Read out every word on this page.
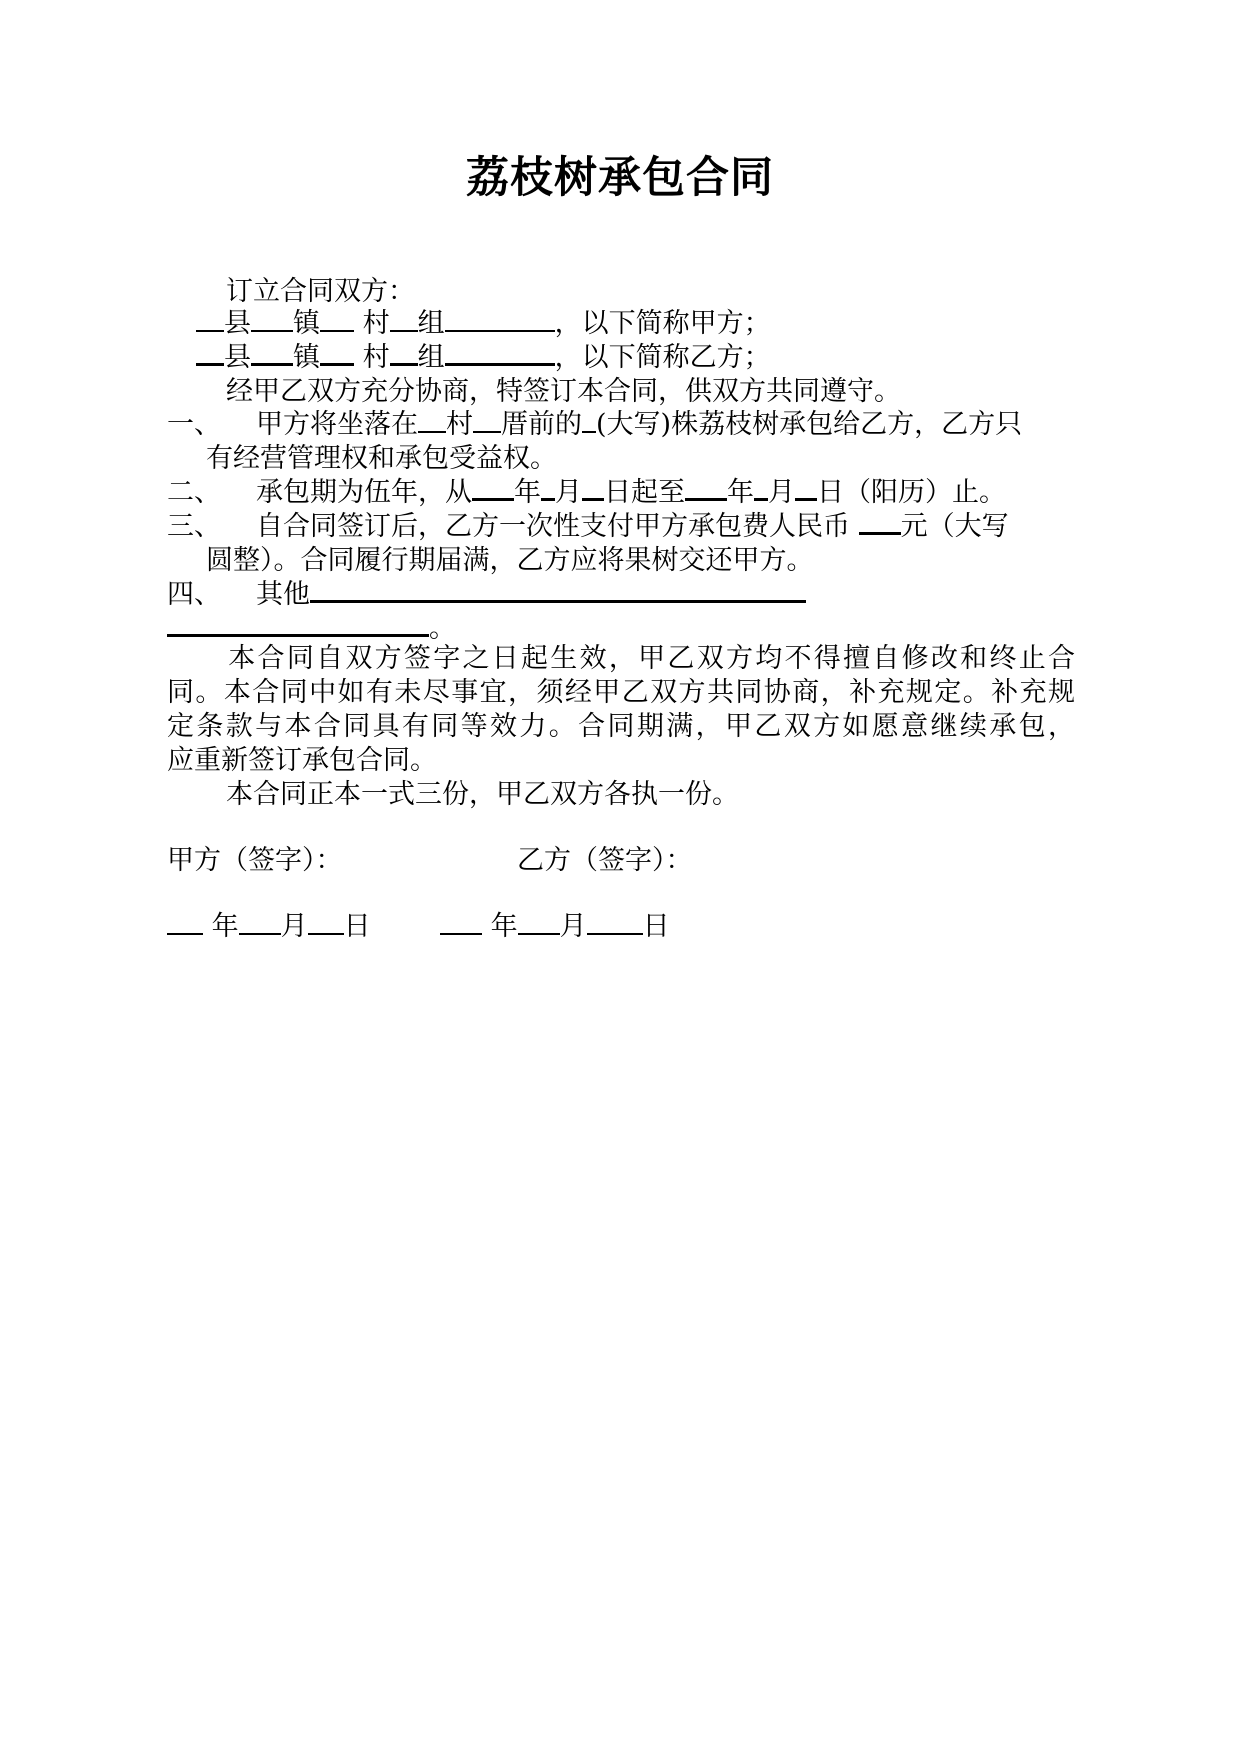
荔枝树承包合同
订立合同双方：
县 镇 村 组	，以下简称甲方；
县 镇 村 组	，以下简称乙方；
经甲乙双方充分协商，特签订本合同，供双方共同遵守。
一、 甲方将坐落在 村 厝前的 (大写)株荔枝树承包给乙方，乙方只
有经营管理权和承包受益权。
二、 承包期为伍年，从 年 月 日起至 年 月 日（阳历）止。
三、 自合同签订后，乙方一次性支付甲方承包费人民币 元（大写
圆整）。合同履行期届满，乙方应将果树交还甲方。
四、 其他
。
本合同自双方签字之日起生效，甲乙双方均不得擅自修改和终止合
同。本合同中如有未尽事宜，须经甲乙双方共同协商，补充规定。补充规
定条款与本合同具有同等效力。合同期满，甲乙双方如愿意继续承包，
应重新签订承包合同。
本合同正本一式三份，甲乙双方各执一份。
甲方（签字）：	乙方（签字）：
年 月 日	年 月 日
